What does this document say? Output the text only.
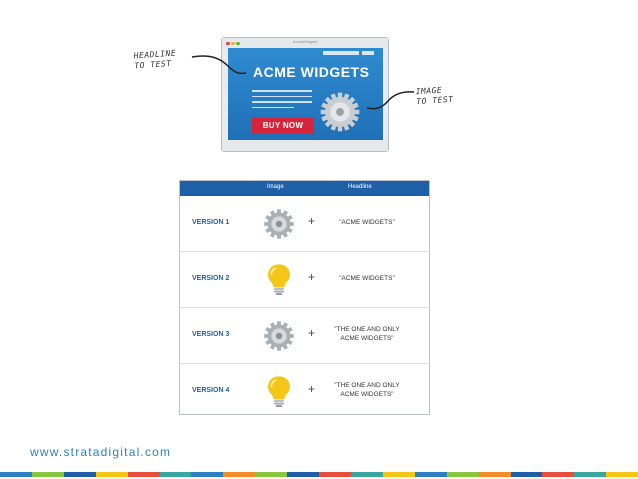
AcmeWidgets
ACME WIDGETS
BUY NOW
HEADLINE
TO TEST
IMAGE
TO TEST
Image	Headline
VERSION 1	+	"ACME WIDGETS"
VERSION 2	+	"ACME WIDGETS"
VERSION 3	+	"THE ONE AND ONLY
ACME WIDGETS"
VERSION 4	+	"THE ONE AND ONLY
ACME WIDGETS"
www.stratadigital.com
